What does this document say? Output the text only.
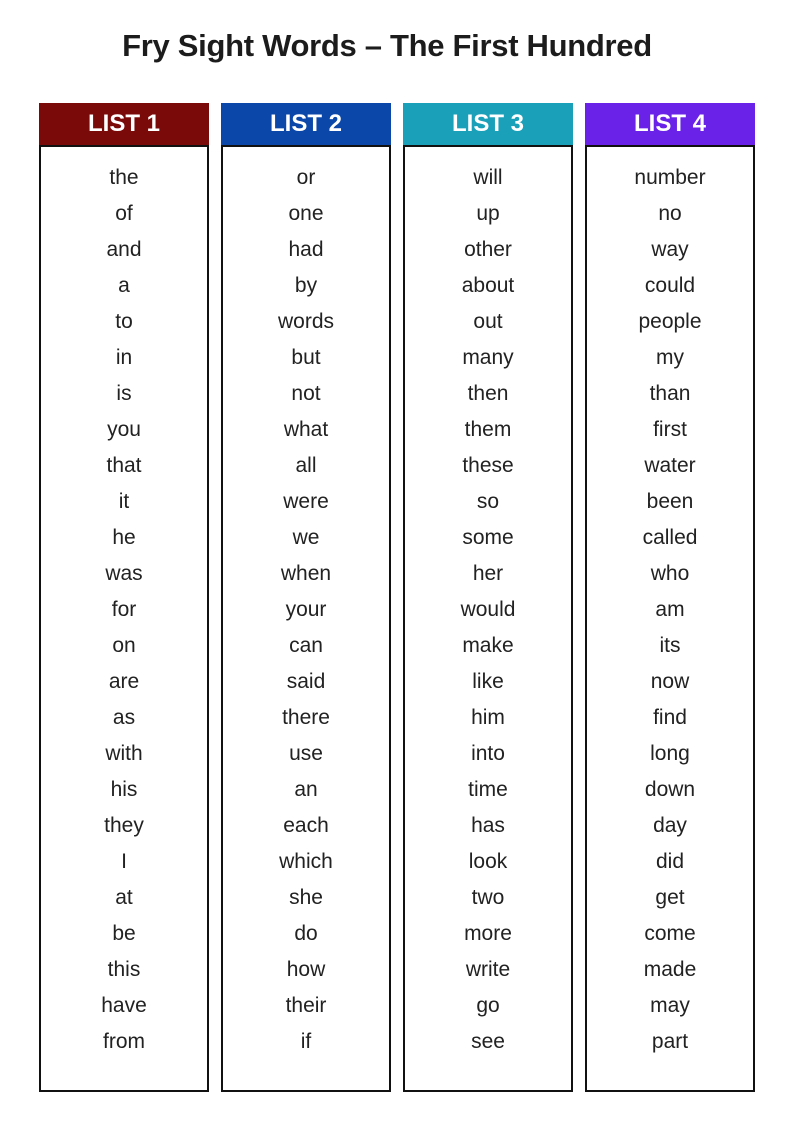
Fry Sight Words – The First Hundred
LIST 1
the
of
and
a
to
in
is
you
that
it
he
was
for
on
are
as
with
his
they
I
at
be
this
have
from
LIST 2
or
one
had
by
words
but
not
what
all
were
we
when
your
can
said
there
use
an
each
which
she
do
how
their
if
LIST 3
will
up
other
about
out
many
then
them
these
so
some
her
would
make
like
him
into
time
has
look
two
more
write
go
see
LIST 4
number
no
way
could
people
my
than
first
water
been
called
who
am
its
now
find
long
down
day
did
get
come
made
may
part
